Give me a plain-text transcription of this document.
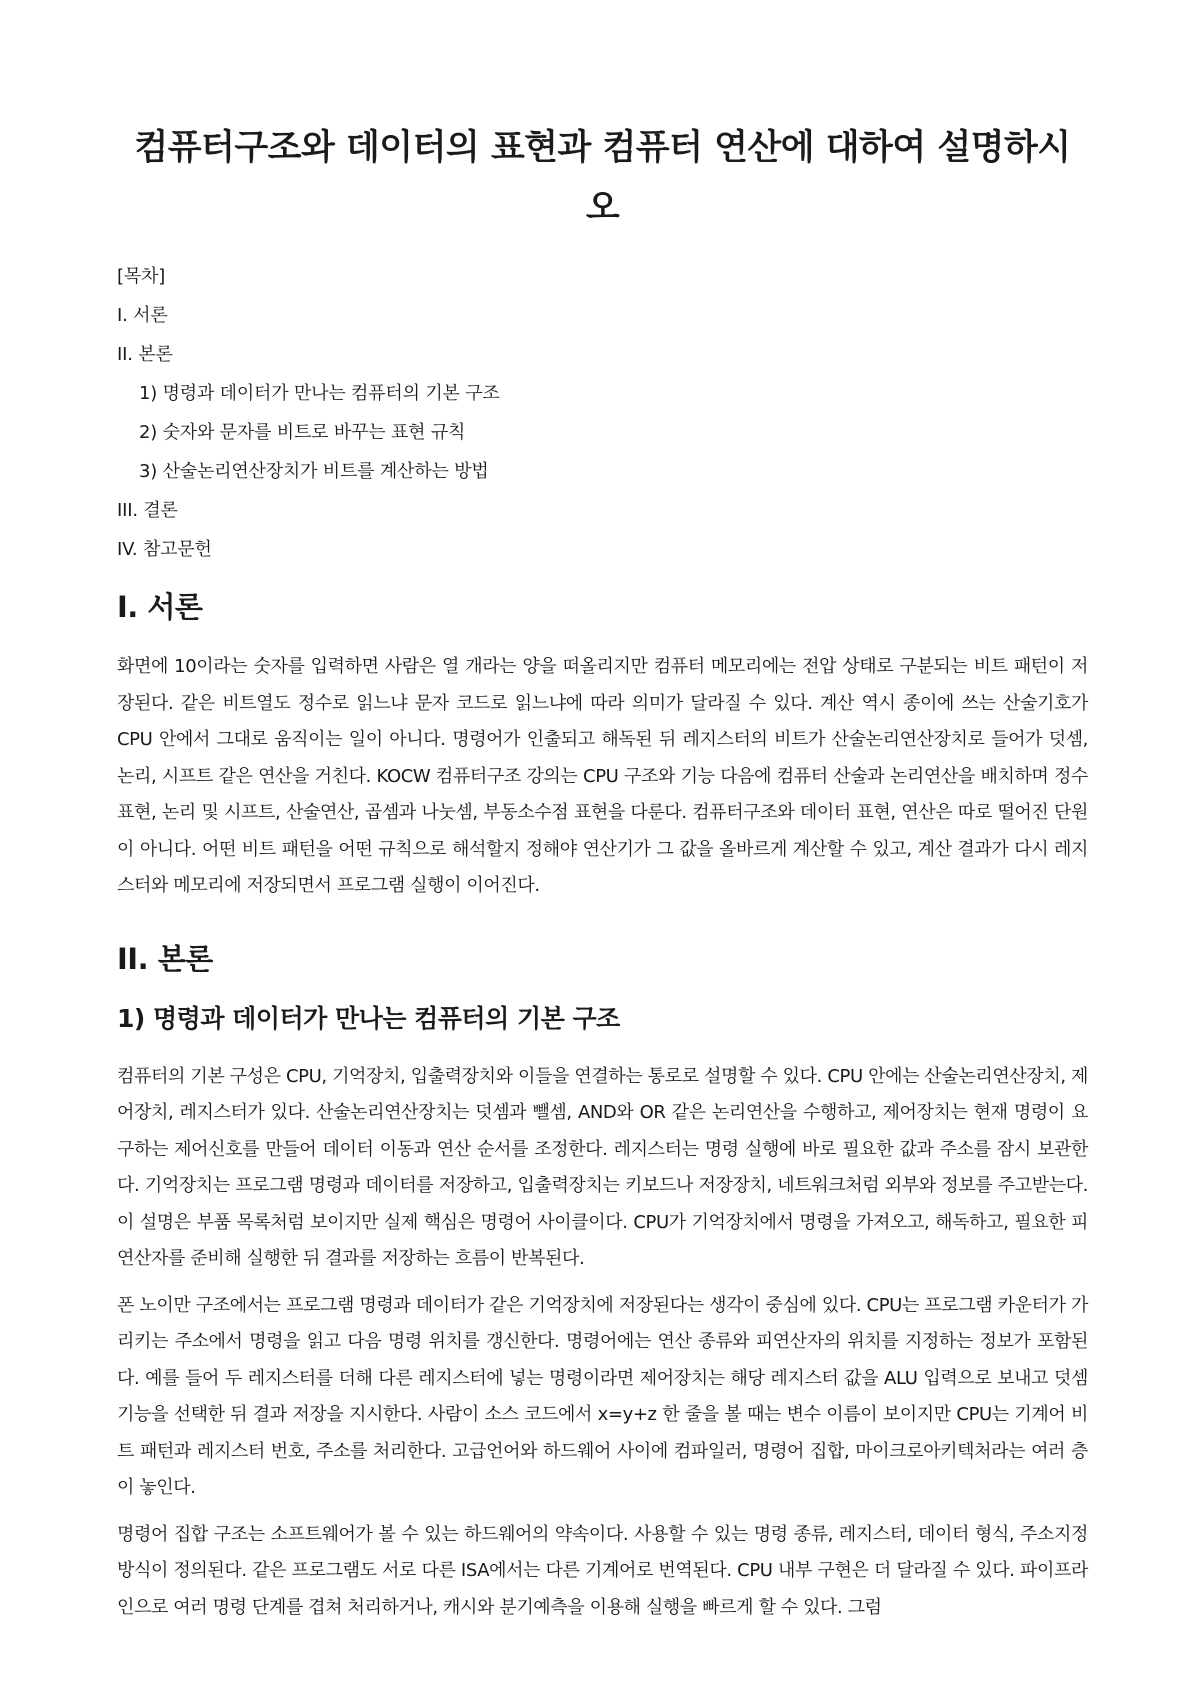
컴퓨터구조와 데이터의 표현과 컴퓨터 연산에 대하여 설명하시오
[목차]
I. 서론
II. 본론
1) 명령과 데이터가 만나는 컴퓨터의 기본 구조
2) 숫자와 문자를 비트로 바꾸는 표현 규칙
3) 산술논리연산장치가 비트를 계산하는 방법
III. 결론
IV. 참고문헌
I. 서론

화면에 10이라는 숫자를 입력하면 사람은 열 개라는 양을 떠올리지만 컴퓨터 메모리에는 전압 상태로 구분되는 비트 패턴이 저장된다. 같은 비트열도 정수로 읽느냐 문자 코드로 읽느냐에 따라 의미가 달라질 수 있다. 계산 역시 종이에 쓰는 산술기호가 CPU 안에서 그대로 움직이는 일이 아니다. 명령어가 인출되고 해독된 뒤 레지스터의 비트가 산술논리연산장치로 들어가 덧셈, 논리, 시프트 같은 연산을 거친다. KOCW 컴퓨터구조 강의는 CPU 구조와 기능 다음에 컴퓨터 산술과 논리연산을 배치하며 정수 표현, 논리 및 시프트, 산술연산, 곱셈과 나눗셈, 부동소수점 표현을 다룬다. 컴퓨터구조와 데이터 표현, 연산은 따로 떨어진 단원이 아니다. 어떤 비트 패턴을 어떤 규칙으로 해석할지 정해야 연산기가 그 값을 올바르게 계산할 수 있고, 계산 결과가 다시 레지스터와 메모리에 저장되면서 프로그램 실행이 이어진다.

II. 본론
1) 명령과 데이터가 만나는 컴퓨터의 기본 구조

컴퓨터의 기본 구성은 CPU, 기억장치, 입출력장치와 이들을 연결하는 통로로 설명할 수 있다. CPU 안에는 산술논리연산장치, 제어장치, 레지스터가 있다. 산술논리연산장치는 덧셈과 뺄셈, AND와 OR 같은 논리연산을 수행하고, 제어장치는 현재 명령이 요구하는 제어신호를 만들어 데이터 이동과 연산 순서를 조정한다. 레지스터는 명령 실행에 바로 필요한 값과 주소를 잠시 보관한다. 기억장치는 프로그램 명령과 데이터를 저장하고, 입출력장치는 키보드나 저장장치, 네트워크처럼 외부와 정보를 주고받는다. 이 설명은 부품 목록처럼 보이지만 실제 핵심은 명령어 사이클이다. CPU가 기억장치에서 명령을 가져오고, 해독하고, 필요한 피연산자를 준비해 실행한 뒤 결과를 저장하는 흐름이 반복된다.

폰 노이만 구조에서는 프로그램 명령과 데이터가 같은 기억장치에 저장된다는 생각이 중심에 있다. CPU는 프로그램 카운터가 가리키는 주소에서 명령을 읽고 다음 명령 위치를 갱신한다. 명령어에는 연산 종류와 피연산자의 위치를 지정하는 정보가 포함된다. 예를 들어 두 레지스터를 더해 다른 레지스터에 넣는 명령이라면 제어장치는 해당 레지스터 값을 ALU 입력으로 보내고 덧셈 기능을 선택한 뒤 결과 저장을 지시한다. 사람이 소스 코드에서 x=y+z 한 줄을 볼 때는 변수 이름이 보이지만 CPU는 기계어 비트 패턴과 레지스터 번호, 주소를 처리한다. 고급언어와 하드웨어 사이에 컴파일러, 명령어 집합, 마이크로아키텍처라는 여러 층이 놓인다.

명령어 집합 구조는 소프트웨어가 볼 수 있는 하드웨어의 약속이다. 사용할 수 있는 명령 종류, 레지스터, 데이터 형식, 주소지정 방식이 정의된다. 같은 프로그램도 서로 다른 ISA에서는 다른 기계어로 번역된다. CPU 내부 구현은 더 달라질 수 있다. 파이프라인으로 여러 명령 단계를 겹쳐 처리하거나, 캐시와 분기예측을 이용해 실행을 빠르게 할 수 있다. 그럼
